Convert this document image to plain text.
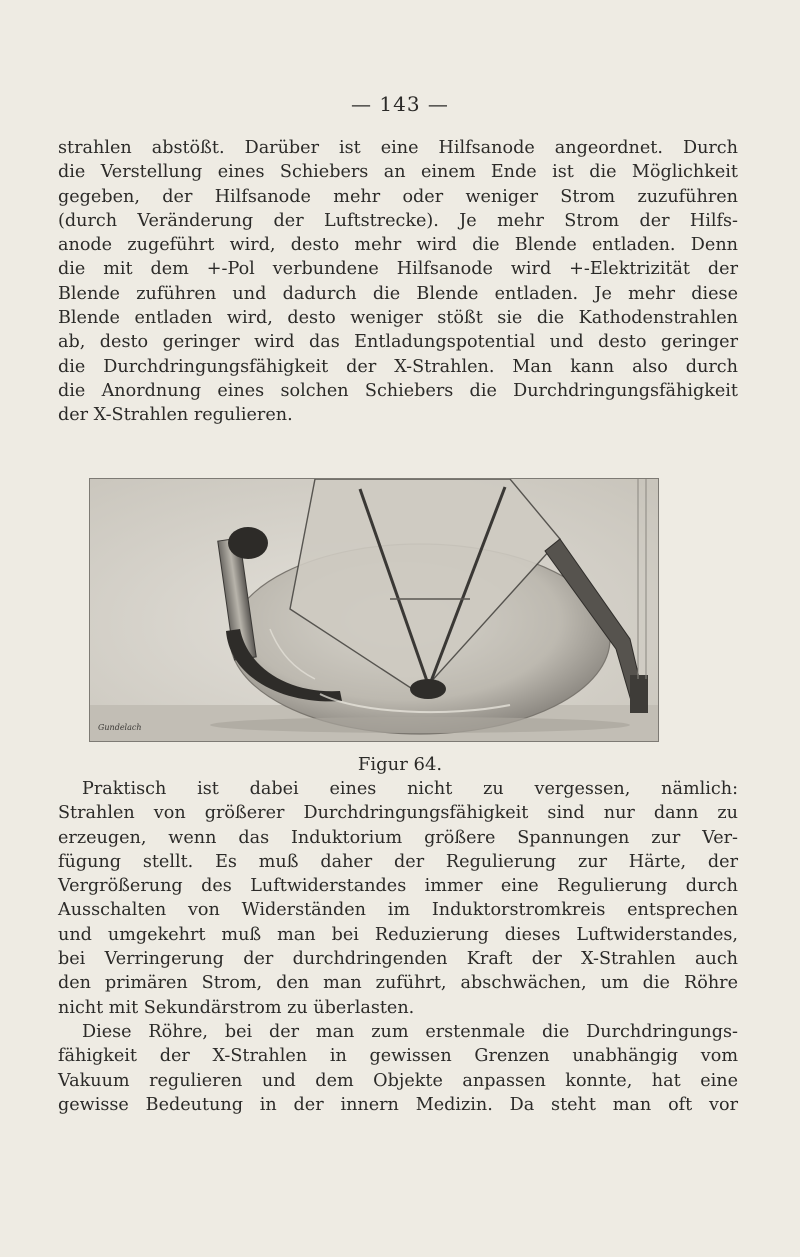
— 143 —
strahlen abstößt. Darüber ist eine Hilfsanode angeordnet. Durch
die Verstellung eines Schiebers an einem Ende ist die Möglichkeit
gegeben, der Hilfsanode mehr oder weniger Strom zuzuführen
(durch Veränderung der Luftstrecke). Je mehr Strom der Hilfs-
anode zugeführt wird, desto mehr wird die Blende entladen. Denn
die mit dem +-Pol verbundene Hilfsanode wird +-Elektrizität der
Blende zuführen und dadurch die Blende entladen. Je mehr diese
Blende entladen wird, desto weniger stößt sie die Kathodenstrahlen
ab, desto geringer wird das Entladungspotential und desto geringer
die Durchdringungsfähigkeit der X-Strahlen. Man kann also durch
die Anordnung eines solchen Schiebers die Durchdringungsfähigkeit
der X-Strahlen regulieren.
Gundelach
Figur 64.
Praktisch ist dabei eines nicht zu vergessen, nämlich:
Strahlen von größerer Durchdringungsfähigkeit sind nur dann zu
erzeugen, wenn das Induktorium größere Spannungen zur Ver-
fügung stellt. Es muß daher der Regulierung zur Härte, der
Vergrößerung des Luftwiderstandes immer eine Regulierung durch
Ausschalten von Widerständen im Induktorstromkreis entsprechen
und umgekehrt muß man bei Reduzierung dieses Luftwiderstandes,
bei Verringerung der durchdringenden Kraft der X-Strahlen auch
den primären Strom, den man zuführt, abschwächen, um die Röhre
nicht mit Sekundärstrom zu überlasten.
Diese Röhre, bei der man zum erstenmale die Durchdringungs-
fähigkeit der X-Strahlen in gewissen Grenzen unabhängig vom
Vakuum regulieren und dem Objekte anpassen konnte, hat eine
gewisse Bedeutung in der innern Medizin. Da steht man oft vor
